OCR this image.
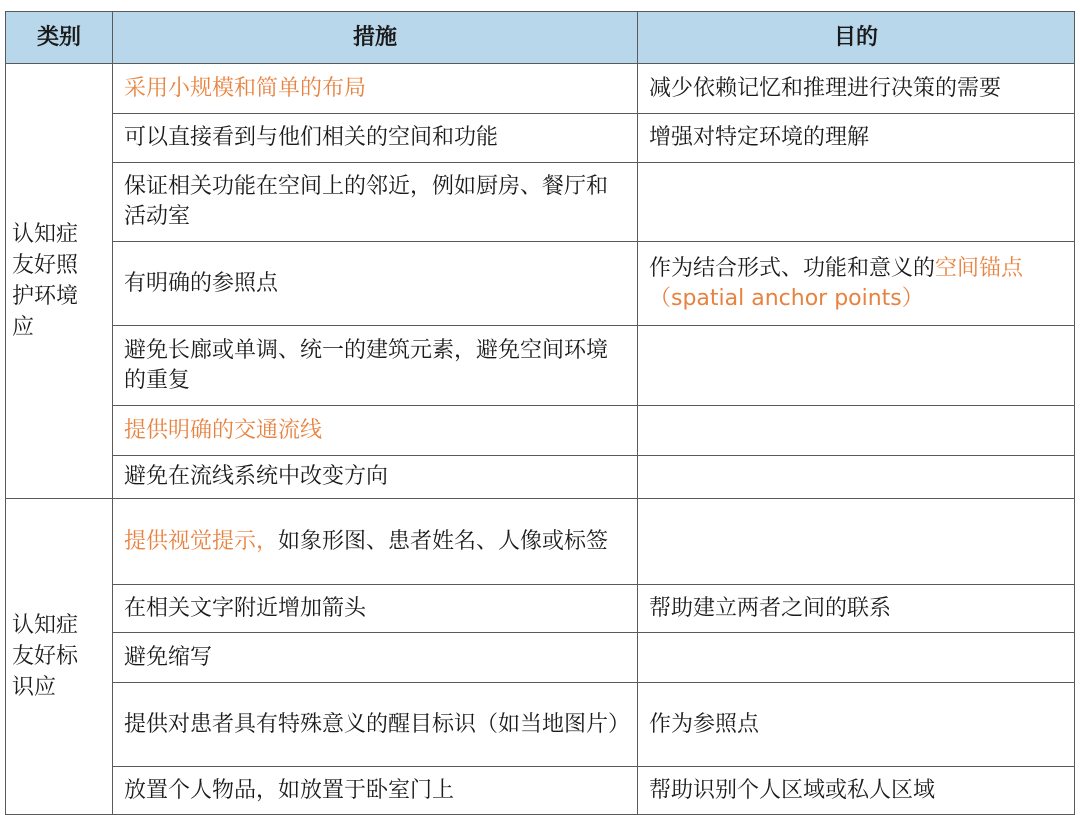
类别	措施	目的

认知症友好照护环境应	采用小规模和简单的布局	减少依赖记忆和推理进行决策的需要
	可以直接看到与他们相关的空间和功能	增强对特定环境的理解
	保证相关功能在空间上的邻近，例如厨房、餐厅和活动室	
	有明确的参照点	作为结合形式、功能和意义的空间锚点（spatial anchor points）
	避免长廊或单调、统一的建筑元素，避免空间环境的重复	
	提供明确的交通流线	
	避免在流线系统中改变方向	

认知症友好标识应	提供视觉提示，如象形图、患者姓名、人像或标签	
	在相关文字附近增加箭头	帮助建立两者之间的联系
	避免缩写	
	提供对患者具有特殊意义的醒目标识（如当地图片）	作为参照点
	放置个人物品，如放置于卧室门上	帮助识别个人区域或私人区域
